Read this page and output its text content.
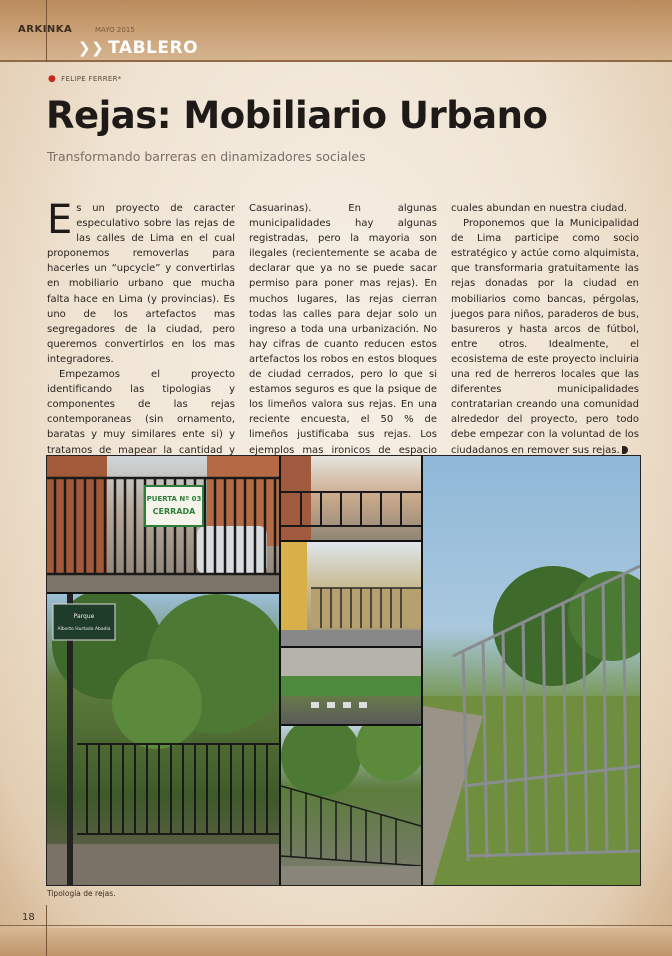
ARKINKA	MAYO 2015
❯❯ TABLERO
● FELIPE FERRER*
Rejas: Mobiliario Urbano
Transformando barreras en dinamizadores sociales

Es un proyecto de caracter especulativo sobre las rejas de las calles de Lima en el cual proponemos removerlas para hacerles un “upcycle” y convertirlas en mobiliario urbano que mucha falta hace en Lima (y provincias). Es uno de los artefactos mas segregadores de la ciudad, pero queremos convertirlos en los mas integradores.

Empezamos el proyecto identificando las tipologias y componentes de las rejas contemporaneas (sin ornamento, baratas y muy similares ente si) y tratamos de mapear la cantidad y

Casuarinas). En algunas municipalidades hay algunas registradas, pero la mayoria son ilegales (recientemente se acaba de declarar que ya no se puede sacar permiso para poner mas rejas). En muchos lugares, las rejas cierran todas las calles para dejar solo un ingreso a toda una urbanización. No hay cifras de cuanto reducen estos artefactos los robos en estos bloques de ciudad cerrados, pero lo que si estamos seguros es que la psique de los limeños valora sus rejas. En una reciente encuesta, el 50 % de limeños justificaba sus rejas. Los ejemplos mas ironicos de espacio

cuales abundan en nuestra ciudad.

Proponemos que la Municipalidad de Lima participe como socio estratégico y actúe como alquimista, que transformaria gratuitamente las rejas donadas por la ciudad en mobiliarios como bancas, pérgolas, juegos para niños, paraderos de bus, basureros y hasta arcos de fútbol, entre otros. Idealmente, el ecosistema de este proyecto incluiria una red de herreros locales que las diferentes municipalidades contratarian creando una comunidad alrededor del proyecto, pero todo debe empezar con la voluntad de los ciudadanos en remover sus rejas.

PUERTA Nº 03
CERRADA
Parque
Alberto Hurtado Abadia
Tipología de rejas.
18
